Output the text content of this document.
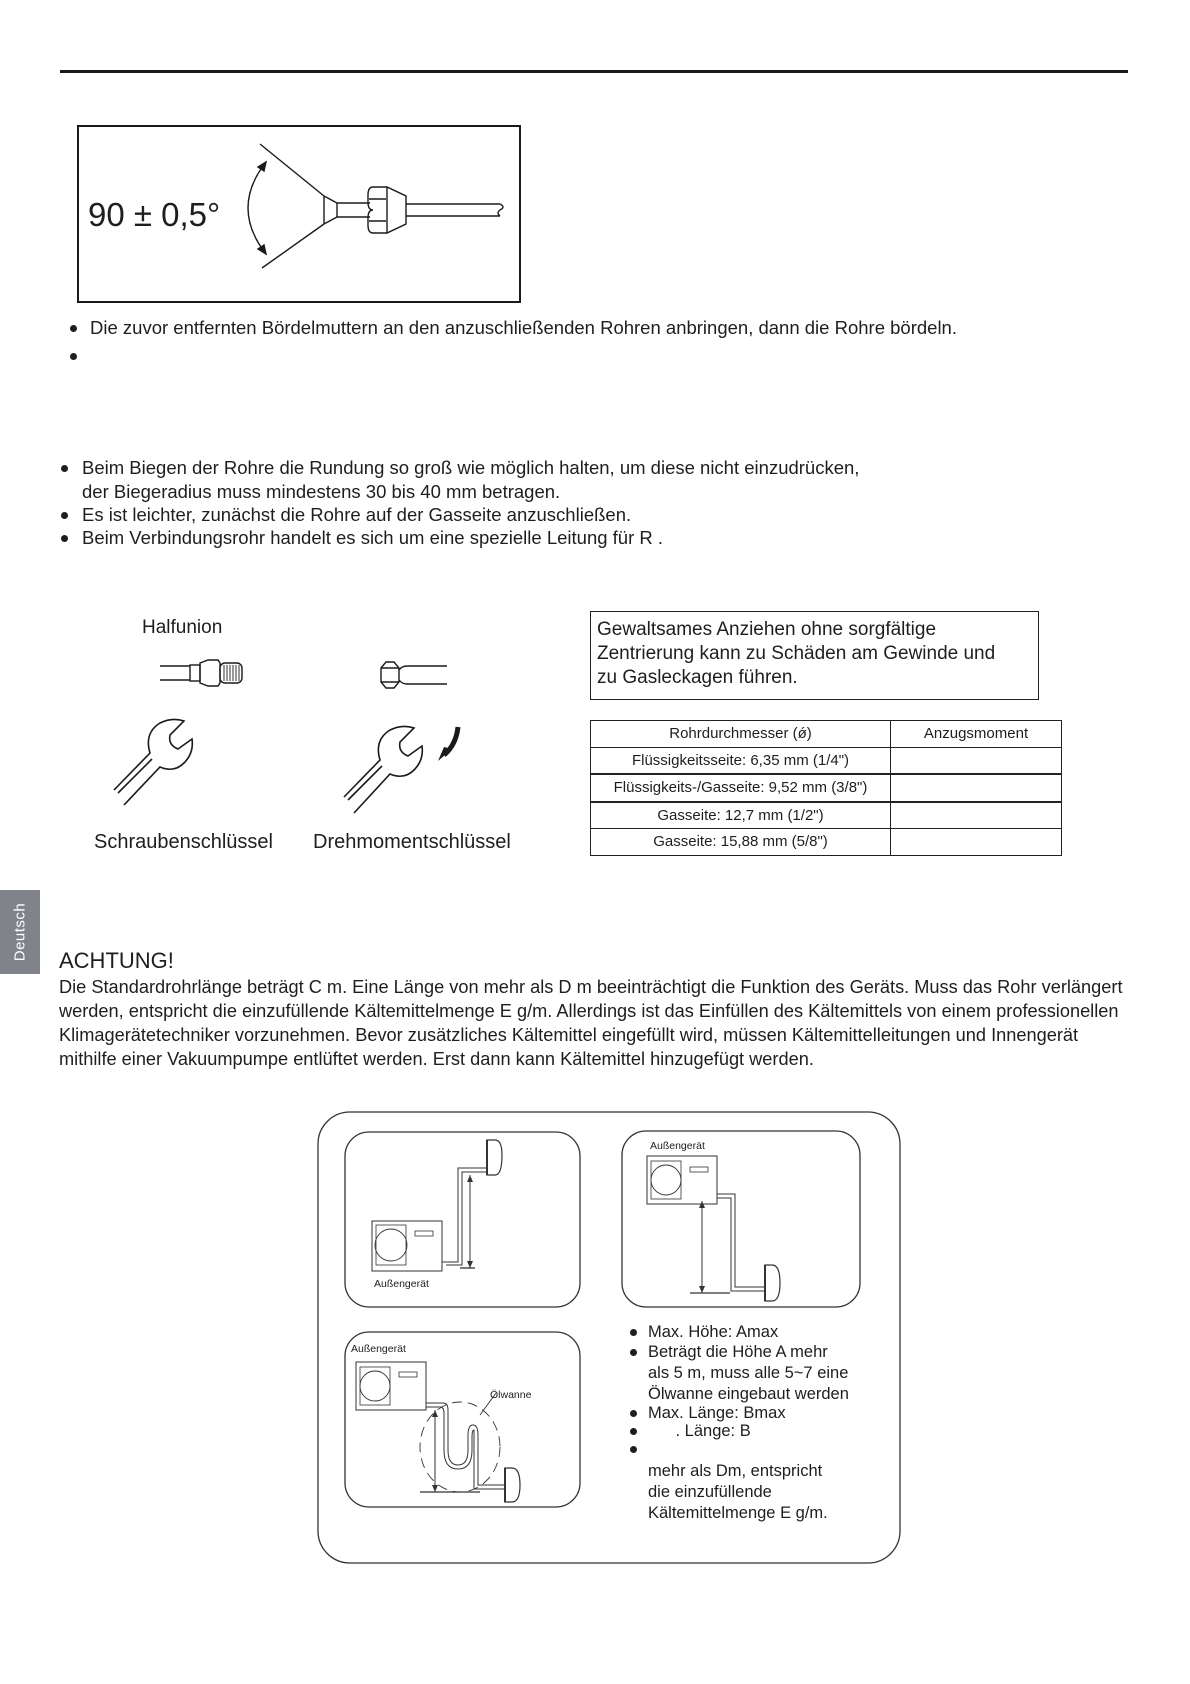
90 ± 0,5°
Die zuvor entfernten Bördelmuttern an den anzuschließenden Rohren anbringen, dann die Rohre bördeln.
Beim Biegen der Rohre die Rundung so groß wie möglich halten, um diese nicht einzudrücken,
der Biegeradius muss mindestens 30 bis 40 mm betragen.
Es ist leichter, zunächst die Rohre auf der Gasseite anzuschließen.
Beim Verbindungsrohr handelt es sich um eine spezielle Leitung für R .
Halfunion
Schraubenschlüssel Drehmomentschlüssel
Gewaltsames Anziehen ohne sorgfältige
Zentrierung kann zu Schäden am Gewinde und
zu Gasleckagen führen.
Rohrdurchmesser (ǿ)	Anzugsmoment
Flüssigkeitsseite: 6,35 mm (1/4")	
Flüssigkeits-/Gasseite: 9,52 mm (3/8")	
Gasseite: 12,7 mm (1/2")	
Gasseite: 15,88 mm (5/8")	
Deutsch ACHTUNG!
Die Standardrohrlänge beträgt C m. Eine Länge von mehr als D m beeinträchtigt die Funktion des Geräts. Muss das Rohr verlängert werden, entspricht die einzufüllende Kältemittelmenge E g/m. Allerdings ist das Einfüllen des Kältemittels von einem professionellen Klimagerätetechniker vorzunehmen. Bevor zusätzliches Kältemittel eingefüllt wird, müssen Kältemittelleitungen und Innengerät mithilfe einer Vakuumpumpe entlüftet werden. Erst dann kann Kältemittel hinzugefügt werden.
Außengerät
Außengerät
Außengerät
Ölwanne
Max. Höhe: Amax
Beträgt die Höhe A mehr
als 5 m, muss alle 5~7 eine
Ölwanne eingebaut werden
Max. Länge: Bmax
. Länge: B
mehr als Dm, entspricht
die einzufüllende
Kältemittelmenge E g/m.
